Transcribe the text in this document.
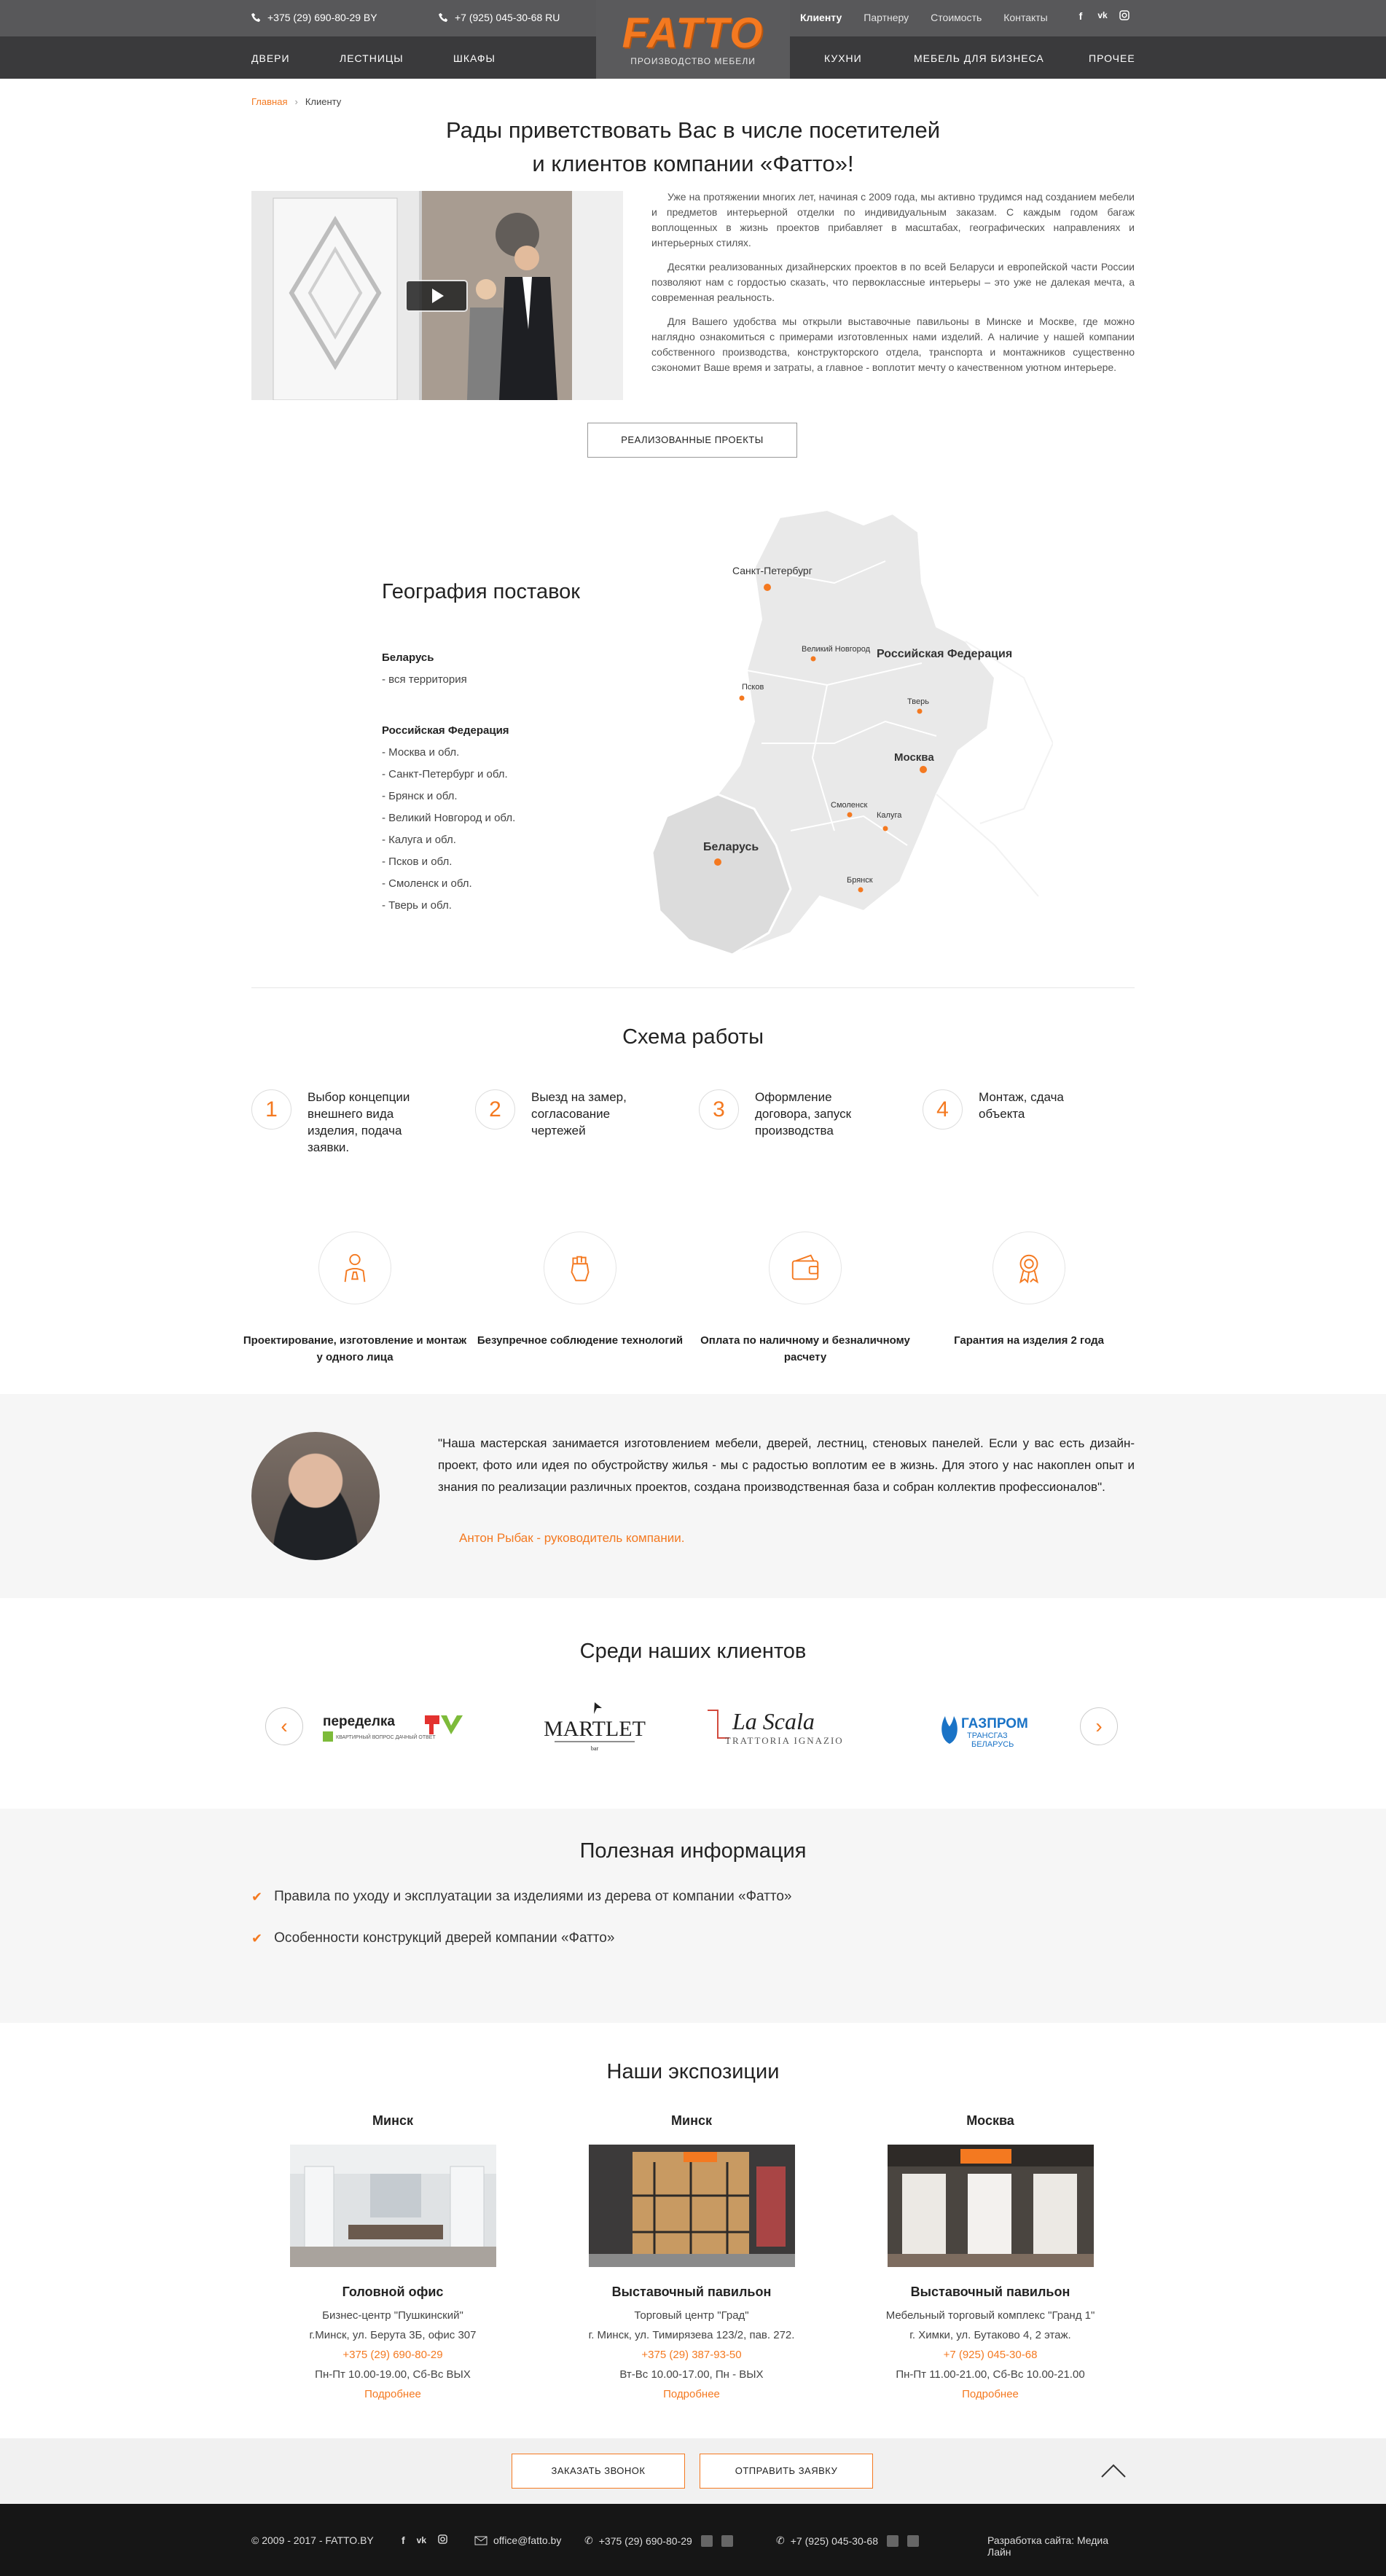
+375 (29) 690-80-29 BY	+7 (925) 045-30-68 RU	Клиенту Партнеру Стоимость Контакты	f	vk
FATTO
ПРОИЗВОДСТВО МЕБЕЛИ
ДВЕРИ	ЛЕСТНИЦЫ	ШКАФЫ	КУХНИ	МЕБЕЛЬ ДЛЯ БИЗНЕСА	ПРОЧЕЕ
Главная › Клиенту
Рады приветствовать Вас в числе посетителей
и клиентов компании «Фатто»!

Уже на протяжении многих лет, начиная с 2009 года, мы активно трудимся над созданием мебели и предметов интерьерной отделки по индивидуальным заказам. С каждым годом багаж воплощенных в жизнь проектов прибавляет в масштабах, географических направлениях и интерьерных стилях.

Десятки реализованных дизайнерских проектов в по всей Беларуси и европейской части России позволяют нам с гордостью сказать, что первоклассные интерьеры – это уже не далекая мечта, а современная реальность.

Для Вашего удобства мы открыли выставочные павильоны в Минске и Москве, где можно наглядно ознакомиться с примерами изготовленных нами изделий. А наличие у нашей компании собственного производства, конструкторского отдела, транспорта и монтажников существенно сэкономит Ваше время и затраты, а главное - воплотит мечту о качественном уютном интерьере.

РЕАЛИЗОВАННЫЕ ПРОЕКТЫ
География поставок
Беларусь
- вся территория
Российская Федерация
- Москва и обл.
- Санкт-Петербург и обл.
- Брянск и обл.
- Великий Новгород и обл.
- Калуга и обл.
- Псков и обл.
- Смоленск и обл.
- Тверь и обл.
Санкт-Петербург
Великий Новгород
Псков
Российская Федерация
Тверь
Москва
Смоленск
Калуга
Беларусь
Брянск
Схема работы
1
Выбор концепции внешнего вида изделия, подача заявки.
2
Выезд на замер, согласование чертежей
3
Оформление договора, запуск производства
4
Монтаж, сдача объекта
Проектирование, изготовление и монтаж у одного лица
Безупречное соблюдение технологий	Оплата по наличному и безналичному расчету
Гарантия на изделия 2 года
"Наша мастерская занимается изготовлением мебели, дверей, лестниц, стеновых панелей. Если у вас есть дизайн-проект, фото или идея по обустройству жилья - мы с радостью воплотим ее в жизнь. Для этого у нас накоплен опыт и знания по реализации различных проектов, создана производственная база и собран коллектив профессионалов".
Антон Рыбак - руководитель компании.
Среди наших клиентов
‹	›
переделка
КВАРТИРНЫЙ ВОПРОС ДАЧНЫЙ ОТВЕТ	MARTLET
bar
La Scala
TRATTORIA IGNAZIO
ГАЗПРОМ
ТРАНСГАЗ
БЕЛАРУСЬ
Полезная информация
✔ Правила по уходу и эксплуатации за изделиями из дерева от компании «Фатто»
✔ Особенности конструкций дверей компании «Фатто»
Наши экспозиции
Минск
Головной офис
Бизнес-центр "Пушкинский"
г.Минск, ул. Берута 3Б, офис 307
+375 (29) 690-80-29
Пн-Пт 10.00-19.00, Сб-Вс ВЫХ
Подробнее
Минск
Выставочный павильон
Торговый центр "Град"
г. Минск, ул. Тимирязева 123/2, пав. 272.
+375 (29) 387-93-50
Вт-Вс 10.00-17.00, Пн - ВЫХ
Подробнее
Москва
Выставочный павильон
Мебельный торговый комплекс "Гранд 1"
г. Химки, ул. Бутаково 4, 2 этаж.
+7 (925) 045-30-68
Пн-Пт 11.00-21.00, Сб-Вс 10.00-21.00
Подробнее
ЗАКАЗАТЬ ЗВОНОК	ОТПРАВИТЬ ЗАЯВКУ
© 2009 - 2017 - FATTO.BY	f vk	office@fatto.by ✆ +375 (29) 690-80-29	✆ +7 (925) 045-30-68	Разработка сайта: Медиа Лайн
